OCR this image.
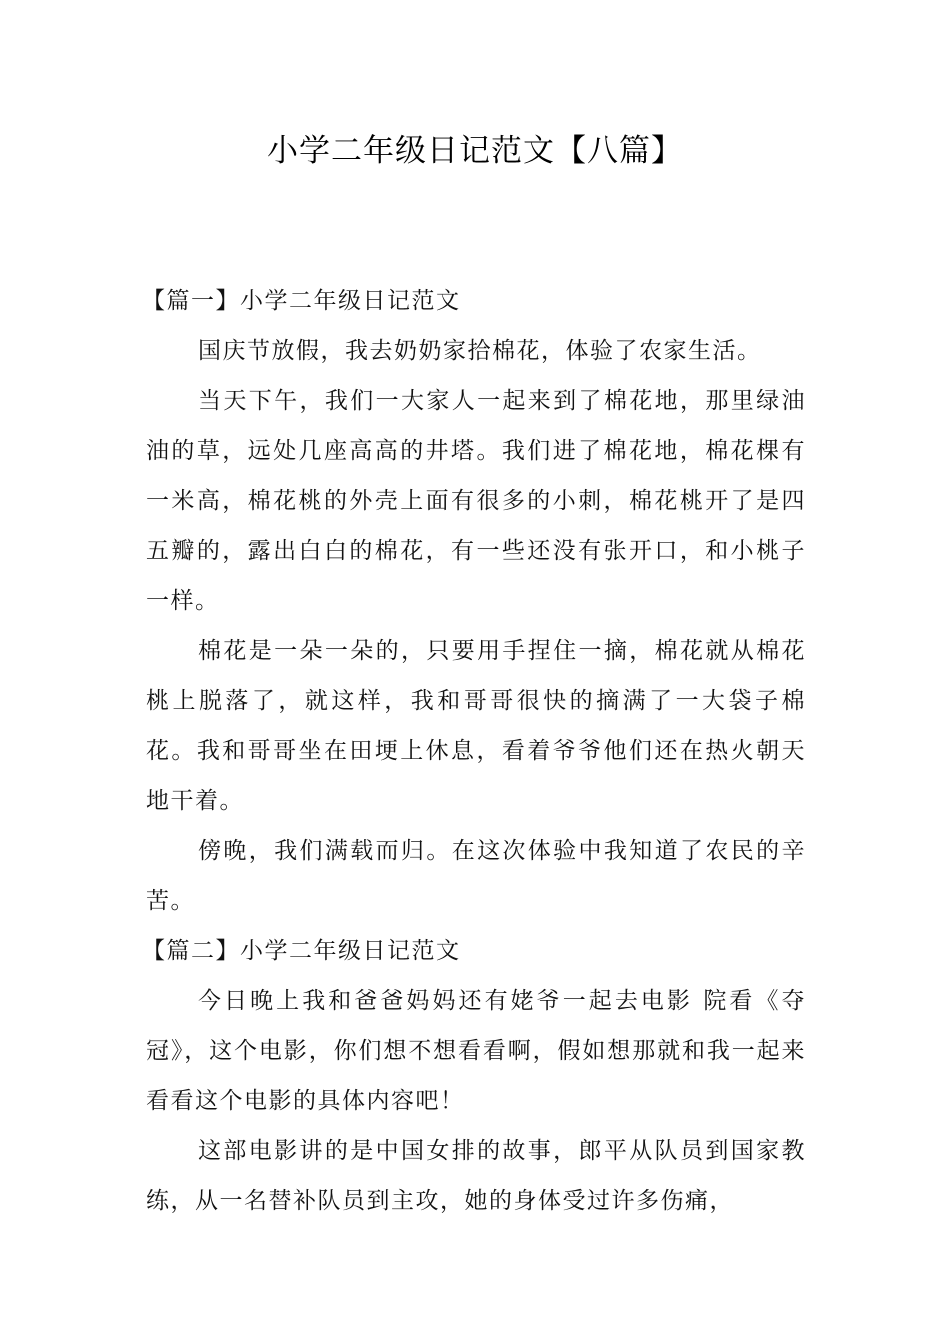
小学二年级日记范文【八篇】
【篇一】小学二年级日记范文

国庆节放假，我去奶奶家拾棉花，体验了农家生活。

当天下午，我们一大家人一起来到了棉花地，那里绿油油的草，远处几座高高的井塔。我们进了棉花地，棉花棵有一米高，棉花桃的外壳上面有很多的小刺，棉花桃开了是四五瓣的，露出白白的棉花，有一些还没有张开口，和小桃子一样。

棉花是一朵一朵的，只要用手捏住一摘，棉花就从棉花桃上脱落了，就这样，我和哥哥很快的摘满了一大袋子棉花。我和哥哥坐在田埂上休息，看着爷爷他们还在热火朝天地干着。

傍晚，我们满载而归。在这次体验中我知道了农民的辛苦。

【篇二】小学二年级日记范文

今日晚上我和爸爸妈妈还有姥爷一起去电影 院看《夺冠》，这个电影，你们想不想看看啊，假如想那就和我一起来看看这个电影的具体内容吧！

这部电影讲的是中国女排的故事，郎平从队员到国家教练，从一名替补队员到主攻，她的身体受过许多伤痛，
